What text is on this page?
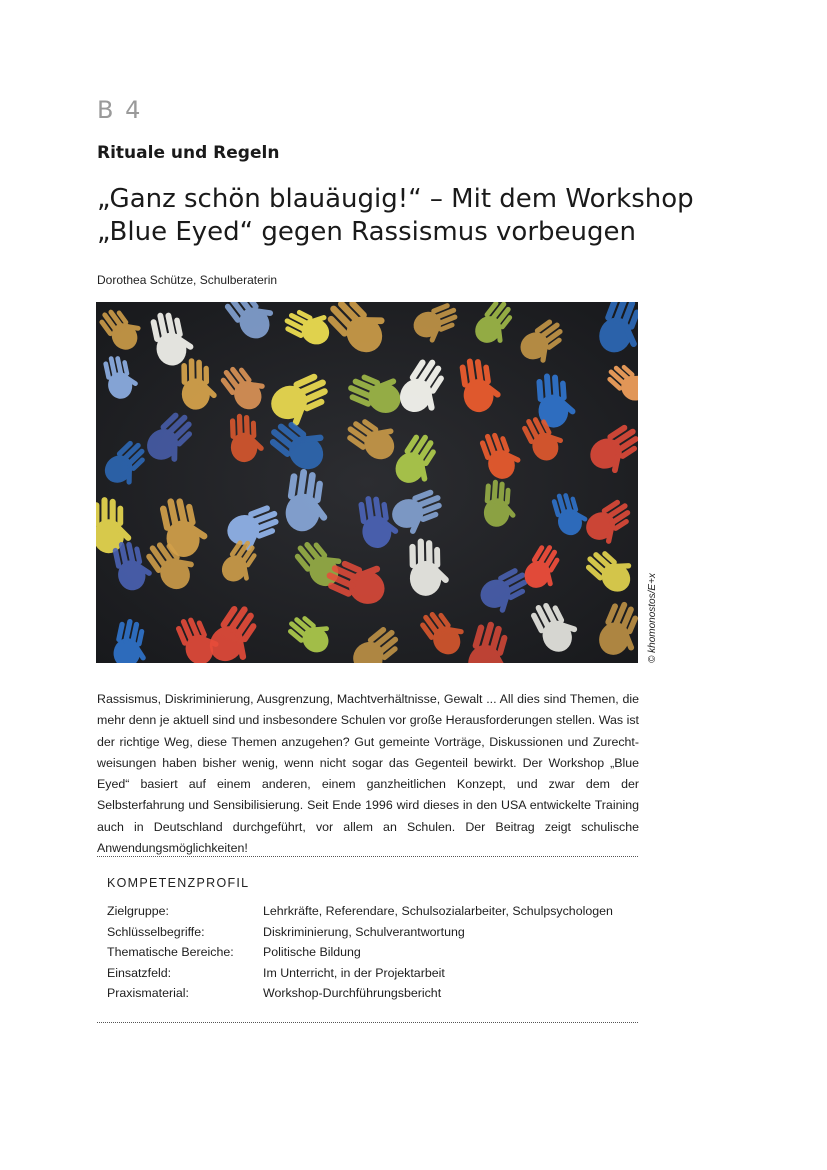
B 4
Rituale und Regeln
„Ganz schön blauäugig!“ – Mit dem Workshop
„Blue Eyed“ gegen Rassismus vorbeugen
Dorothea Schütze, Schulberaterin
© khomonostos/E+x
Rassismus, Diskriminierung, Ausgrenzung, Machtverhältnisse, Gewalt ... All dies sind Themen, die mehr denn je aktuell sind und insbesondere Schulen vor große Herausforderungen stellen. Was ist der richtige Weg, diese Themen anzugehen? Gut gemeinte Vorträge, Diskussionen und Zurecht-weisungen haben bisher wenig, wenn nicht sogar das Gegenteil bewirkt. Der Workshop „Blue Eyed“ basiert auf einem anderen, einem ganzheitlichen Konzept, und zwar dem der Selbsterfahrung und Sensibilisierung. Seit Ende 1996 wird dieses in den USA entwickelte Training auch in Deutschland durchgeführt, vor allem an Schulen. Der Beitrag zeigt schulische Anwendungsmöglichkeiten!
KOMPETENZPROFIL
Zielgruppe:	Lehrkräfte, Referendare, Schulsozialarbeiter, Schulpsychologen
Schlüsselbegriffe:	Diskriminierung, Schulverantwortung
Thematische Bereiche: Politische Bildung
Einsatzfeld:	Im Unterricht, in der Projektarbeit
Praxismaterial:	Workshop-Durchführungsbericht
